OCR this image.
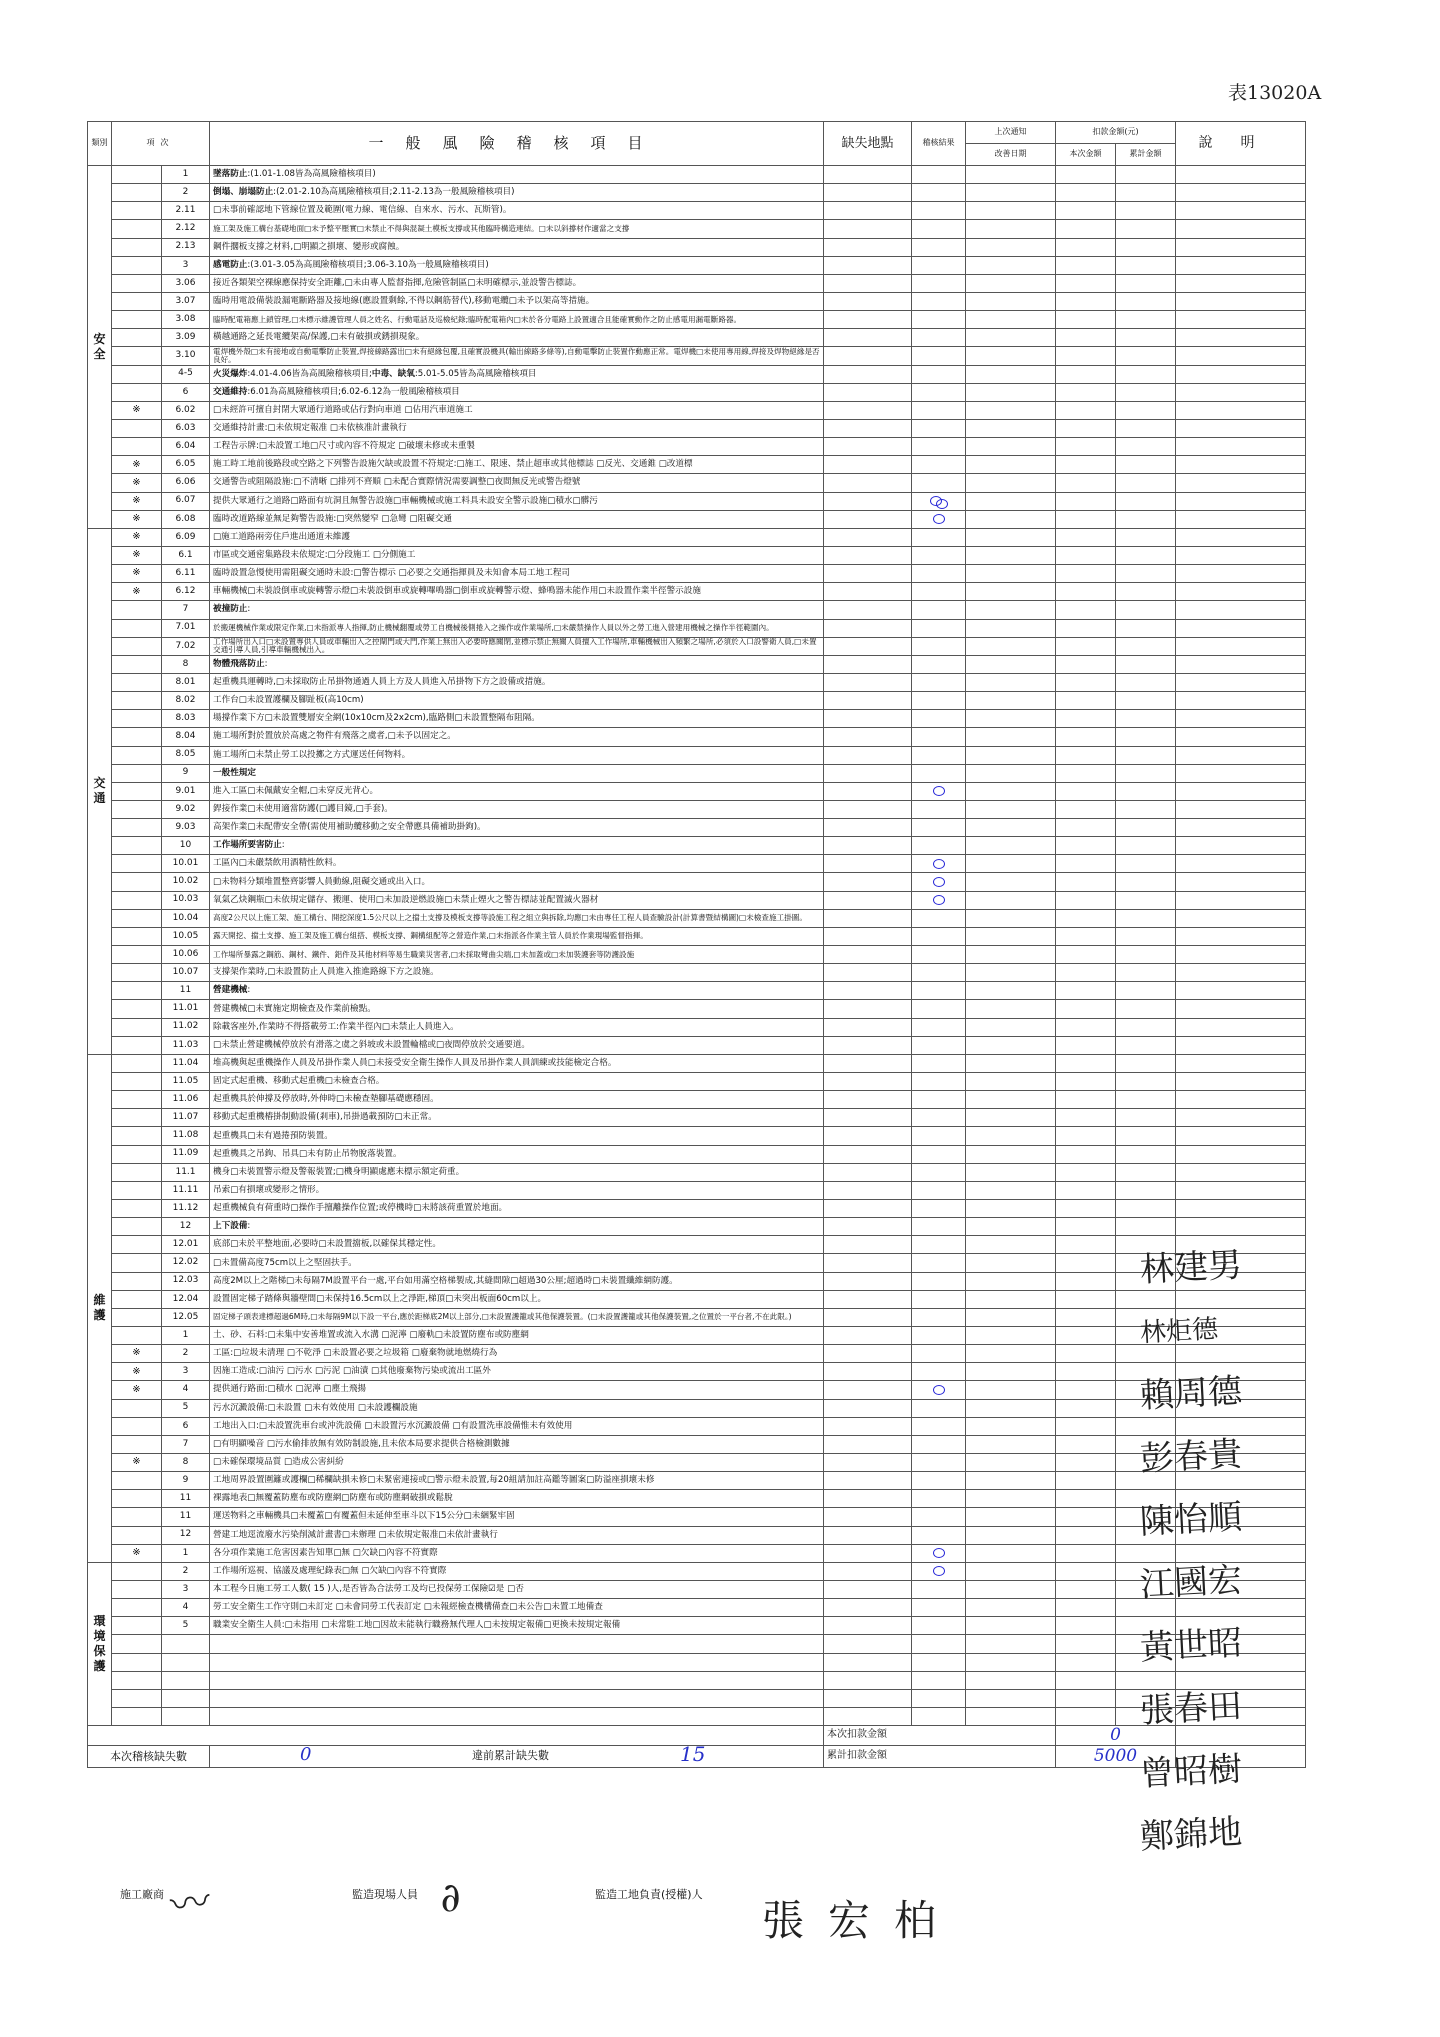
表13020A
類別	項次		一般風險稽核項目	缺失地點	稽核結果	上次通知	扣款金額(元)		說明
						改善日期	本次金額	累計金額	
安
全		1	墜落防止:(1.01-1.08皆為高風險稽核項目)						
		2	倒塌、崩塌防止:(2.01-2.10為高風險稽核項目;2.11-2.13為一般風險稽核項目)						
		2.11	□未事前確認地下管線位置及範圍(電力線、電信線、自來水、污水、瓦斯管)。						
		2.12	施工架及施工構台基礎地面□未予整平壓實□未禁止不得與混凝土模板支撐或其他臨時構造連結。□未以斜撐材作適當之支撐						
		2.13	鋼件擱板支撐之材料,□明顯之損壞、變形或腐蝕。						
		3	感電防止:(3.01-3.05為高風險稽核項目;3.06-3.10為一般風險稽核項目)						
		3.06	接近各類架空裸線應保持安全距離,□未由專人監督指揮,危險管制區□未明確標示,並設警告標誌。						
		3.07	臨時用電設備裝設漏電斷路器及接地線(應設置剩餘,不得以鋼筋替代),移動電纜□未予以架高等措施。						
		3.08	臨時配電箱應上鎖管理,□未標示維護管理人員之姓名、行動電話及巡檢紀錄;臨時配電箱內□未於各分電路上設置適合且能確實動作之防止感電用漏電斷路器。						
		3.09	橫越通路之延長電纜架高/保護,□未有破損或銹損現象。						
		3.10	電焊機外殼□未有接地或自動電擊防止裝置,焊接線路露出□未有絕緣包覆,且確實設機具(輸出線路多條等),自動電擊防止裝置作動應正常。電焊機□未使用專用線,焊接及焊物絕緣是否良好。						
		4-5	火災爆炸:4.01-4.06皆為高風險稽核項目;中毒、缺氧:5.01-5.05皆為高風險稽核項目						
		6	交通維持:6.01為高風險稽核項目;6.02-6.12為一般風險稽核項目						
	※	6.02	□未經許可擅自封閉大眾通行道路或佔行對向車道 □佔用汽車道施工						
		6.03	交通維持計畫:□未依規定報准 □未依核准計畫執行						
		6.04	工程告示牌:□未設置工地□尺寸或內容不符規定 □破壞未修或未重製						
	※	6.05	施工時工地前後路段或空路之下列警告設施欠缺或設置不符規定:□施工、限速、禁止超車或其他標誌 □反光、交通錐 □改道標						
	※	6.06	交通警告或阻隔設施:□不清晰 □排列不齊順 □未配合實際情況需要調整□夜間無反光或警告燈號						
	※	6.07	提供大眾通行之道路□路面有坑洞且無警告設施□車輛機械或施工料具未設安全警示設施□積水□髒污						
	※	6.08	臨時改道路線並無足夠警告設施:□突然變窄 □急彎 □阻礙交通						
交
通	※	6.09	□施工道路兩旁住戶進出通道未維護						
	※	6.1	市區或交通密集路段未依規定:□分段施工 □分側施工						
	※	6.11	臨時設置急慢使用需阻礙交通時未設:□警告標示 □必要之交通指揮員及未知會本局工地工程司						
	※	6.12	車輛機械□未裝設倒車或旋轉警示燈□未裝設倒車或旋轉嗶鳴器□倒車或旋轉警示燈、蜂鳴器未能作用□未設置作業半徑警示設施						
		7	被撞防止:						
		7.01	於搬運機械作業或限定作業,□未指派專人指揮,防止機械翻覆或勞工自機械後側捲入之操作或作業場所,□未嚴禁操作人員以外之勞工進入營建用機械之操作半徑範圍內。						
		7.02	工作場所出入口□未設置專供人員或車輛出入之控閘門或大門,作業上無出入必要時應關閉,並標示禁止無關人員擅入工作場所,車輛機械出入頻繁之場所,必須於入口設警衛人員,□未置交通引導人員,引導車輛機械出入。						
		8	物體飛落防止:						
		8.01	起重機具運轉時,□未採取防止吊掛物通過人員上方及人員進入吊掛物下方之設備或措施。						
		8.02	工作台□未設置護欄及腳趾板(高10cm)						
		8.03	場撐作業下方□未設置雙層安全網(10x10cm及2x2cm),臨路側□未設置整隔布阻隔。						
		8.04	施工場所對於置放於高處之物件有飛落之虞者,□未予以固定之。						
		8.05	施工場所□未禁止勞工以投擲之方式運送任何物料。						
		9	一般性規定						
		9.01	進入工區□未佩戴安全帽,□未穿反光背心。						
		9.02	銲接作業□未使用適當防護(□護目鏡,□手套)。						
		9.03	高架作業□未配帶安全帶(需使用補助纜移動之安全帶應具備補助掛鉤)。						
		10	工作場所要害防止:						
		10.01	工區內□未嚴禁飲用酒精性飲料。						
		10.02	□未物料分類堆置整齊影響人員動線,阻礙交通或出入口。						
		10.03	氧氣乙炔鋼瓶□未依規定儲存、搬運、使用□未加設逆燃設施□未禁止煙火之警告標誌並配置滅火器材						
		10.04	高度2公尺以上施工架、施工構台、開挖深度1.5公尺以上之擋土支撐及模板支撐等設施工程之組立與拆除,均應□未由專任工程人員查驗設計(計算書暨結構圖)□未檢查施工掛圖。						
		10.05	露天開挖、擋土支撐、施工架及施工構台組搭、模板支撐、鋼構組配等之營造作業,□未指派各作業主管人員於作業現場監督指揮。						
		10.06	工作場所暴露之鋼筋、鋼材、鐵件、鋁件及其他材料等易生職業災害者,□未採取彎曲尖端,□未加蓋或□未加裝護套等防護設施						
		10.07	支撐架作業時,□未設置防止人員進入推進路線下方之設施。						
		11	營建機械:						
		11.01	營建機械□未實施定期檢查及作業前檢點。						
		11.02	除載客座外,作業時不得搭載勞工:作業半徑內□未禁止人員進入。						
		11.03	□未禁止營建機械停放於有滑落之虞之斜坡或未設置輪檔或□夜間停放於交通要道。						
維
護		11.04	堆高機與起重機操作人員及吊掛作業人員□未接受安全衛生操作人員及吊掛作業人員訓練或技能檢定合格。						
		11.05	固定式起重機、移動式起重機□未檢查合格。						
		11.06	起重機具於伸撐及停放時,外伸時□未檢查墊腳基礎應穩固。						
		11.07	移動式起重機樁掛制動設備(剎車),吊掛過載預防□未正常。						
		11.08	起重機具□未有過捲預防裝置。						
		11.09	起重機具之吊鉤、吊具□未有防止吊物脫落裝置。						
		11.1	機身□未裝置警示燈及警報裝置;□機身明顯處應未標示額定荷重。						
		11.11	吊索□有損壞或變形之情形。						
		11.12	起重機械負有荷重時□操作手擅離操作位置;或停機時□未將該荷重置於地面。						
		12	上下設備:						
		12.01	底部□未於平整地面,必要時□未設置擋板,以確保其穩定性。						
		12.02	□未置備高度75cm以上之堅固扶手。						
		12.03	高度2M以上之階梯□未每隔7M設置平台一處,平台如用滿空格梯製成,其縫間隙□超過30公厘;超過時□未裝置纖維網防護。						
		12.04	設置固定梯子踏條與牆壁間□未保持16.5cm以上之淨距,梯頂□未突出板面60cm以上。						
		12.05	固定梯子頭表達標超過6M時,□未每隔9M以下設一平台,應於距梯底2M以上部分,□未設置護籠或其他保護裝置。(□未設置護籠或其他保護裝置,之位置於一平台者,不在此限。)						
		1	土、砂、石料:□未集中安善堆置或流入水溝 □泥濘 □廢軌□未設置防塵布或防塵網						
	※	2	工區:□垃圾未清理 □不乾淨 □未設置必要之垃圾箱 □廢棄物就地燃燒行為						
	※	3	因施工造成:□油污 □污水 □污泥 □油漬 □其他廢棄物污染或流出工區外						
	※	4	提供通行路面:□積水 □泥濘 □塵土飛揚						
		5	污水沉澱設備:□未設置 □未有效使用 □未設護欄設施						
		6	工地出入口:□未設置洗車台或沖洗設備 □未設置污水沉澱設備 □有設置洗車設備惟未有效使用						
		7	□有明顯噪音 □污水偷排放無有效防制設施,且未依本局要求提供合格檢測數據						
	※	8	□未確保環境品質 □造成公害糾紛						
		9	工地周界設置圍籬或護欄□稀欄缺損未修□未緊密連接或□警示燈未設置,每20組請加註高鑑等圖案□防溢座損壞未修						
		11	裸露地表□無覆蓋防塵布或防塵網□防塵布或防塵網破損或鬆脫						
		11	運送物料之車輛機具□未覆蓋□有覆蓋但未延伸至車斗以下15公分□未綑緊牢固						
		12	營建工地逕流廢水污染削減計畫書□未辦理 □未依規定報准□未依計畫執行						
	※	1	各分項作業施工危害因素告知單□無 □欠缺□內容不符實際						
環
境
保
護		2	工作場所巡視、協議及處理紀錄表□無 □欠缺□內容不符實際						
		3	本工程今日施工勞工人數( 15 )人,是否皆為合法勞工及均已投保勞工保險☑是 □否						
		4	勞工安全衛生工作守則□未訂定 □未會同勞工代表訂定 □未報經檢查機構備查□未公告□未置工地備查						
		5	職業安全衛生人員:□未指用 □未常駐工地□因故未能執行職務無代理人□未按規定報備□更換未按規定報備						

				本次扣款金額			0		
本次稽核缺失數			0 違前累計缺失數 15	累計扣款金額			5000		
林建男
林炬德
賴周德
彭春貴
陳怡順
江國宏
黃世昭
張春田
曾昭樹
鄭錦地
施工廠商	監造現場人員	監造工地負責(授權)人
〰	∂	張宏柏
